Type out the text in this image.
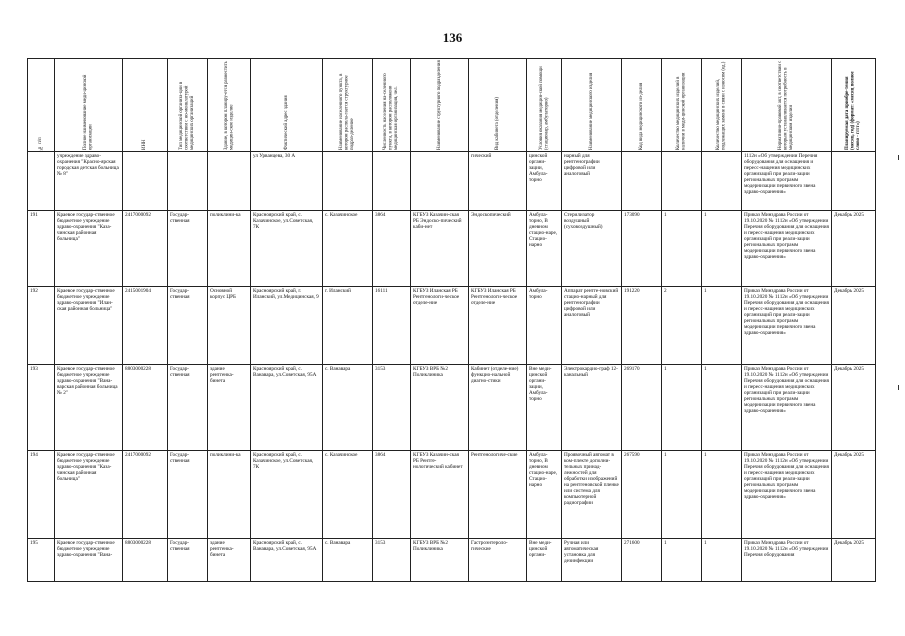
136
№ п/п	Полное наименование меди-цинской организации	ИНН	Тип медицинской организа-ции в соответствии с но-менклатурой медицинских организаций	Здание, в котором планиру-ется разместить медицин-ское изделие	Фактический адрес здания	Наименование населенного пункта, в котором распола-гается структурное подраз-деление	Численность населения на-селенного пункта, в котором расположено медицинская организация, чел.	Наименование структурного подразделения	Вид кабинета (отделения)	Условия оказания медицин-ской помощи (стационар, амбулаторно)	Наименование медицинского изделия	Код вида медицинского из-делия	Количество медицинских изделий в наличии в меди-цинской организации	Количество медицинских изделий, подлежащих замене в связи с износом (ед.)	Нормативно-правовой акт, в соответствии с которым устанавливается потребность в медицинском изделии	Планируемая дата приобре-тения (месяц, год) (формат: «месяц полное слово - гггг»)

	учреждение здраво-охранения "Красно-ярская городская детская больница № 8"				ул Урванцева, 30 А				гический	цинской органи-зации, Амбула-торно	нарный для рентгенографии цифровой или аналоговый				1112н «Об утверждении Перечня оборудования для оснащения и пересс-нащения медицинских организаций при реали-зации региональных программ модернизации первичного звена здраво-охранения»	
191	Краевое государ-ственное бюджетное учреждение здраво-охранения "Каза-чинская районная больница"	2417000092	Государ-ственная	поликлини-ка	Красноярский край, с. Казачинское, ул.Советская, 7К	с. Казачинское	3864	КГБУЗ Казачин-ская РБ Эндоско-пический каби-нет	Эндоскопический	Амбула-торно, В дневном стацио-наре, Стацио-нарно	Стерилизатор воздушный (суховоздушный)	173090	1	1	Приказ Минздрава России от 19.10.2020 № 1112н «Об утверждении Перечня оборудования для оснащения и пересс-нащения медицинских организаций при реали-зации региональных программ модернизации первичного звена здраво-охранения»	Декабрь 2025
192	Краевое государ-ственное бюджетное учреждение здраво-охранения "Илан-ская районная больница"	2415001904	Государ-ственная	Основной корпус ЦРБ	Красноярский край, г. Иланский, ул.Медицинская, 9	г. Иланский	16111	КГБУЗ Иланская РБ Рентгенологи-ческое отделе-ние	КГБУЗ Иланская РБ Рентгенологи-ческое отделе-ние	Амбула-торно	Аппарат рентге-новский стацио-нарный для рентгенографии цифровой или аналоговый	191220	2	1	Приказ Минздрава России от 19.10.2020 № 1112н «Об утверждении Перечня оборудования для оснащения и пересс-нащения медицинских организаций при реали-зации региональных программ модернизации первичного звена здраво-охранения»	Декабрь 2025
193	Краевое государ-ственное бюджетное учреждение здраво-охранения "Вана-варская районная больница № 2"	8803000228	Государ-ственная	здание рентгенка-бинета	Красноярский край, с. Ванавара, ул.Советская, 95А	с. Ванавара	3153	КГБУЗ ВРБ №2 Поликлиника	Кабинет (отделе-ние) функцио-нальной диагно-стики	Вне меди-цинской органи-зации, Амбула-торно	Электрокардио-граф 12-канальный	269170	1	1	Приказ Минздрава России от 19.10.2020 № 1112н «Об утверждении Перечня оборудования для оснащения и пересс-нащения медицинских организаций при реали-зации региональных программ модернизации первичного звена здраво-охранения»	Декабрь 2025
194	Краевое государ-ственное бюджетное учреждение здраво-охранения "Каза-чинская районная больница"	2417000092	Государ-ственная	поликлини-ка	Красноярский край, с. Казачинское, ул.Советская, 7К	с. Казачинское	3864	КГБУЗ Казачин-ская РБ Рентге-нологический кабинет	Рентгенологиче-ские	Амбула-торно, В дневном стацио-наре, Стацио-нарно	Проявочный автомат в ком-плекте дополни-тельных принад-лежностей для обработки изображений на рентгеновской пленке или система для компьютерной радиографии	267590	1	1	Приказ Минздрава России от 19.10.2020 № 1112н «Об утверждении Перечня оборудования для оснащения и пересс-нащения медицинских организаций при реали-зации региональных программ модернизации первичного звена здраво-охранения»	Декабрь 2025
195	Краевое государ-ственное бюджетное учреждение здраво-охранения "Вана-	8803000228	Государ-ственная	здание рентгенка-бинета	Красноярский край, с. Ванавара, ул.Советская, 95А	с. Ванавара	3153	КГБУЗ ВРБ №2 Поликлиника	Гастроэнтероло-гические	Вне меди-цинской органи-	Ручная или автоматическая установка для дезинфекции	271600	1	1	Приказ Минздрава России от 19.10.2020 № 1112н «Об утверждении Перечня оборудования	Декабрь 2025
